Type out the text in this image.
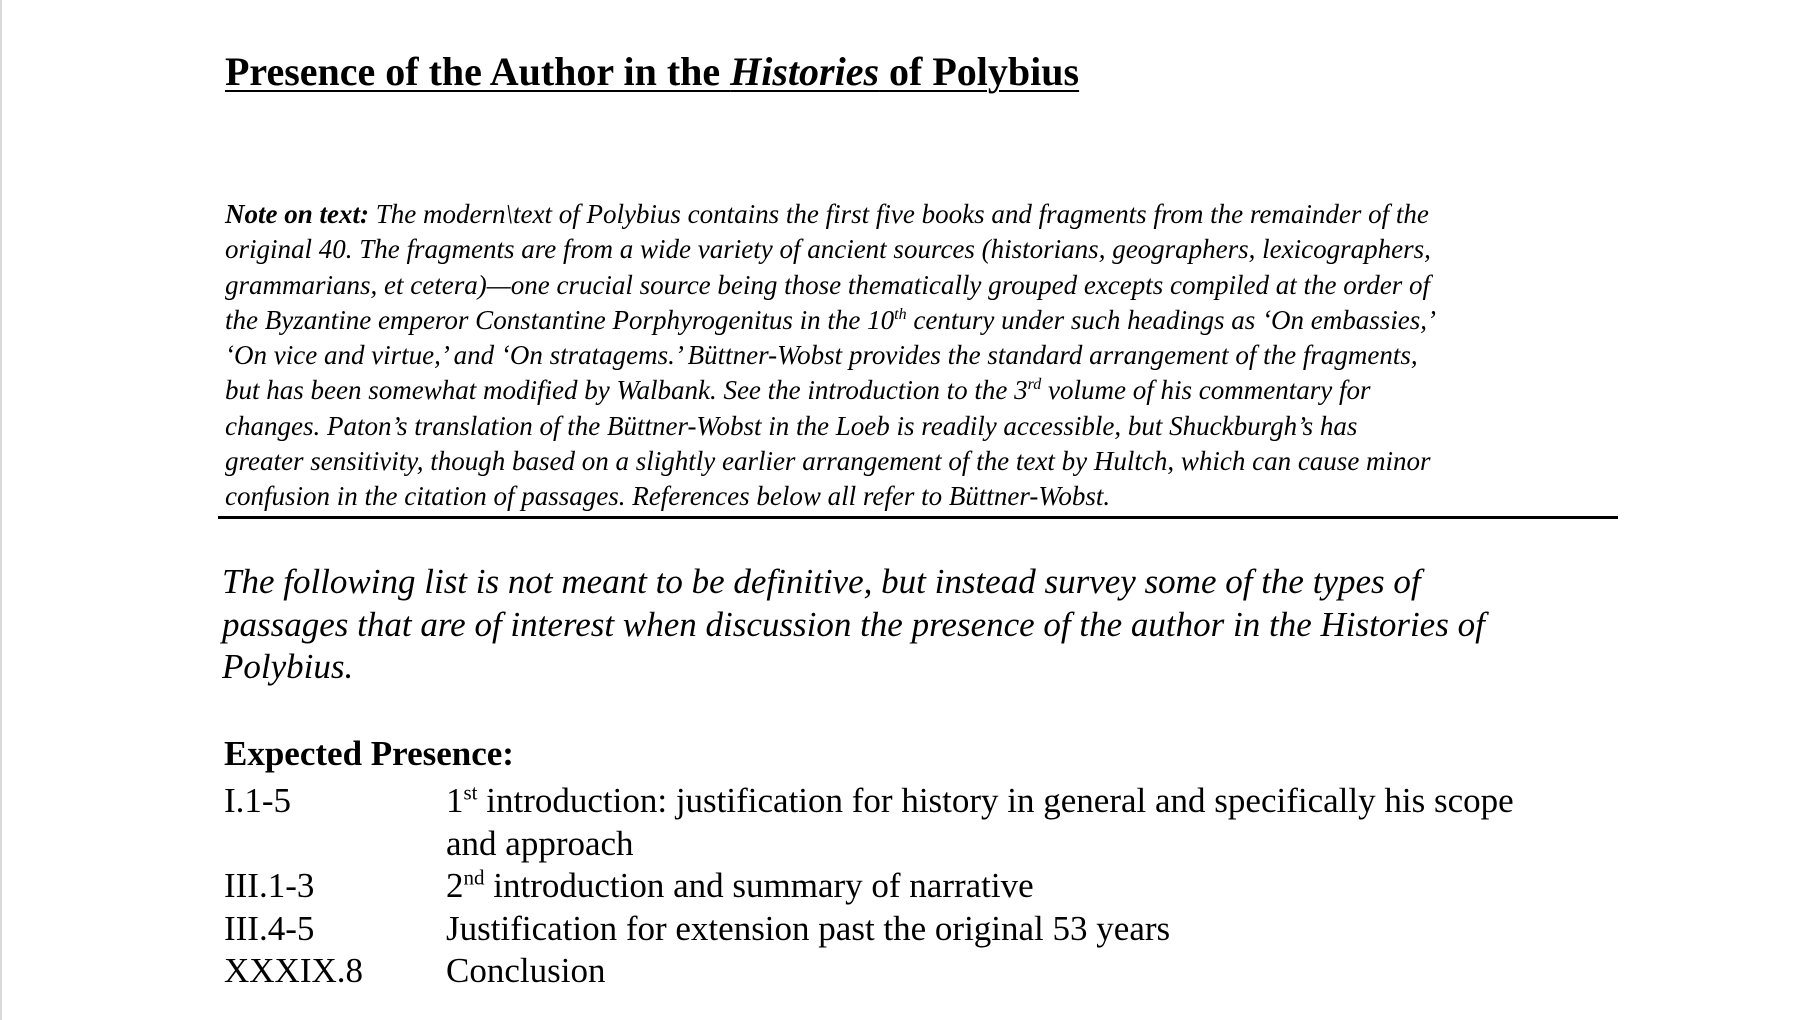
Presence of the Author in the Histories of Polybius

Note on text: The modern\text of Polybius contains the first five books and fragments from the remainder of the
original 40. The fragments are from a wide variety of ancient sources (historians, geographers, lexicographers,
grammarians, et cetera)—one crucial source being those thematically grouped excepts compiled at the order of
the Byzantine emperor Constantine Porphyrogenitus in the 10th century under such headings as ‘On embassies,’
‘On vice and virtue,’ and ‘On stratagems.’ Büttner-Wobst provides the standard arrangement of the fragments,
but has been somewhat modified by Walbank. See the introduction to the 3rd volume of his commentary for
changes. Paton’s translation of the Büttner-Wobst in the Loeb is readily accessible, but Shuckburgh’s has
greater sensitivity, though based on a slightly earlier arrangement of the text by Hultch, which can cause minor
confusion in the citation of passages. References below all refer to Büttner-Wobst.

The following list is not meant to be definitive, but instead survey some of the types of
passages that are of interest when discussion the presence of the author in the Histories of
Polybius.

Expected Presence:
I.1-5	1st introduction: justification for history in general and specifically his scope
and approach
III.1-3	2nd introduction and summary of narrative
III.4-5	Justification for extension past the original 53 years
XXXIX.8	Conclusion
